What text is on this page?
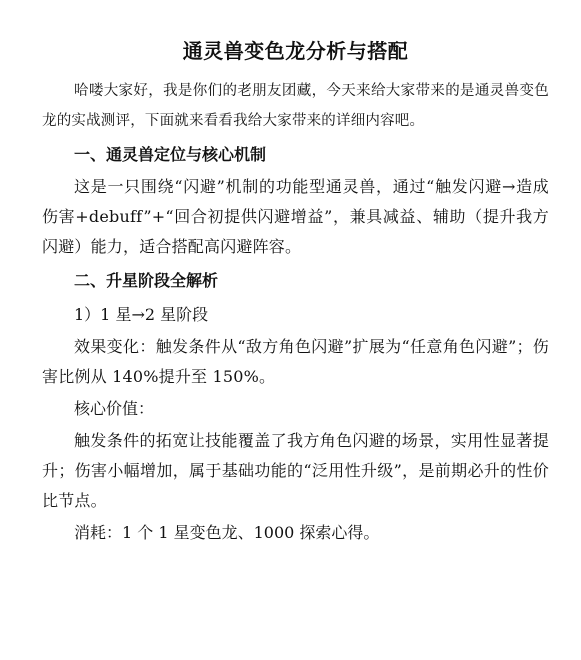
通灵兽变色龙分析与搭配

哈喽大家好，我是你们的老朋友团藏，今天来给大家带来的是通灵兽变色龙的实战测评，下面就来看看我给大家带来的详细内容吧。

一、通灵兽定位与核心机制

这是一只围绕“闪避”机制的功能型通灵兽，通过“触发闪避→造成伤害+debuff”+“回合初提供闪避增益”，兼具减益、辅助（提升我方闪避）能力，适合搭配高闪避阵容。

二、升星阶段全解析
1）1 星→2 星阶段

效果变化：触发条件从“敌方角色闪避”扩展为“任意角色闪避”；伤害比例从 140%提升至 150%。

核心价值：

触发条件的拓宽让技能覆盖了我方角色闪避的场景，实用性显著提升；伤害小幅增加，属于基础功能的“泛用性升级”，是前期必升的性价比节点。

消耗：1 个 1 星变色龙、1000 探索心得。
